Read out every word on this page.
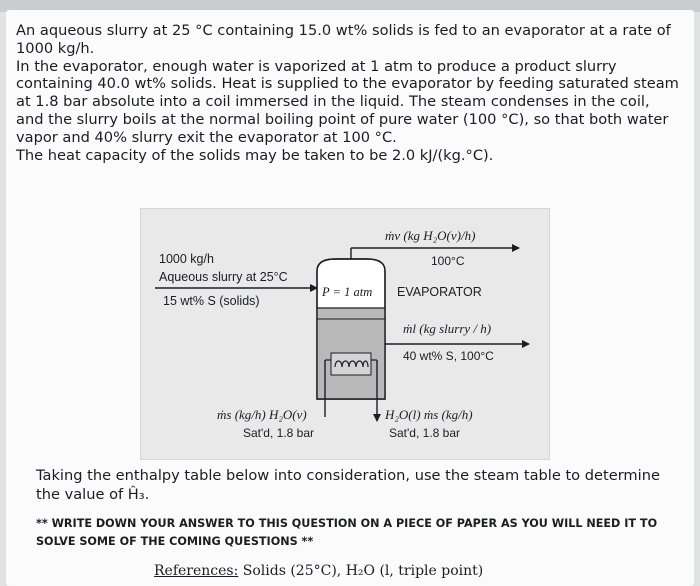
An aqueous slurry at 25 °C containing 15.0 wt% solids is fed to an evaporator at a rate of 1000 kg/h.

In the evaporator, enough water is vaporized at 1 atm to produce a product slurry containing 40.0 wt% solids. Heat is supplied to the evaporator by feeding saturated steam at 1.8 bar absolute into a coil immersed in the liquid. The steam condenses in the coil, and the slurry boils at the normal boiling point of pure water (100 °C), so that both water vapor and 40% slurry exit the evaporator at 100 °C.

The heat capacity of the solids may be taken to be 2.0 kJ/(kg.°C).

1000 kg/h
Aqueous slurry at 25°C
15 wt% S (solids)
ṁv (kg H₂O(v)/h)
100°C
P = 1 atm EVAPORATOR
ṁl (kg slurry / h)
40 wt% S, 100°C
ṁs (kg/h) H₂O(v)
Sat'd, 1.8 bar
H₂O(l) ṁs (kg/h)
Sat'd, 1.8 bar
Taking the enthalpy table below into consideration, use the steam table to determine the value of Ĥ₃.
** WRITE DOWN YOUR ANSWER TO THIS QUESTION ON A PIECE OF PAPER AS YOU WILL NEED IT TO SOLVE SOME OF THE COMING QUESTIONS **
References: Solids (25°C), H₂O (l, triple point)
